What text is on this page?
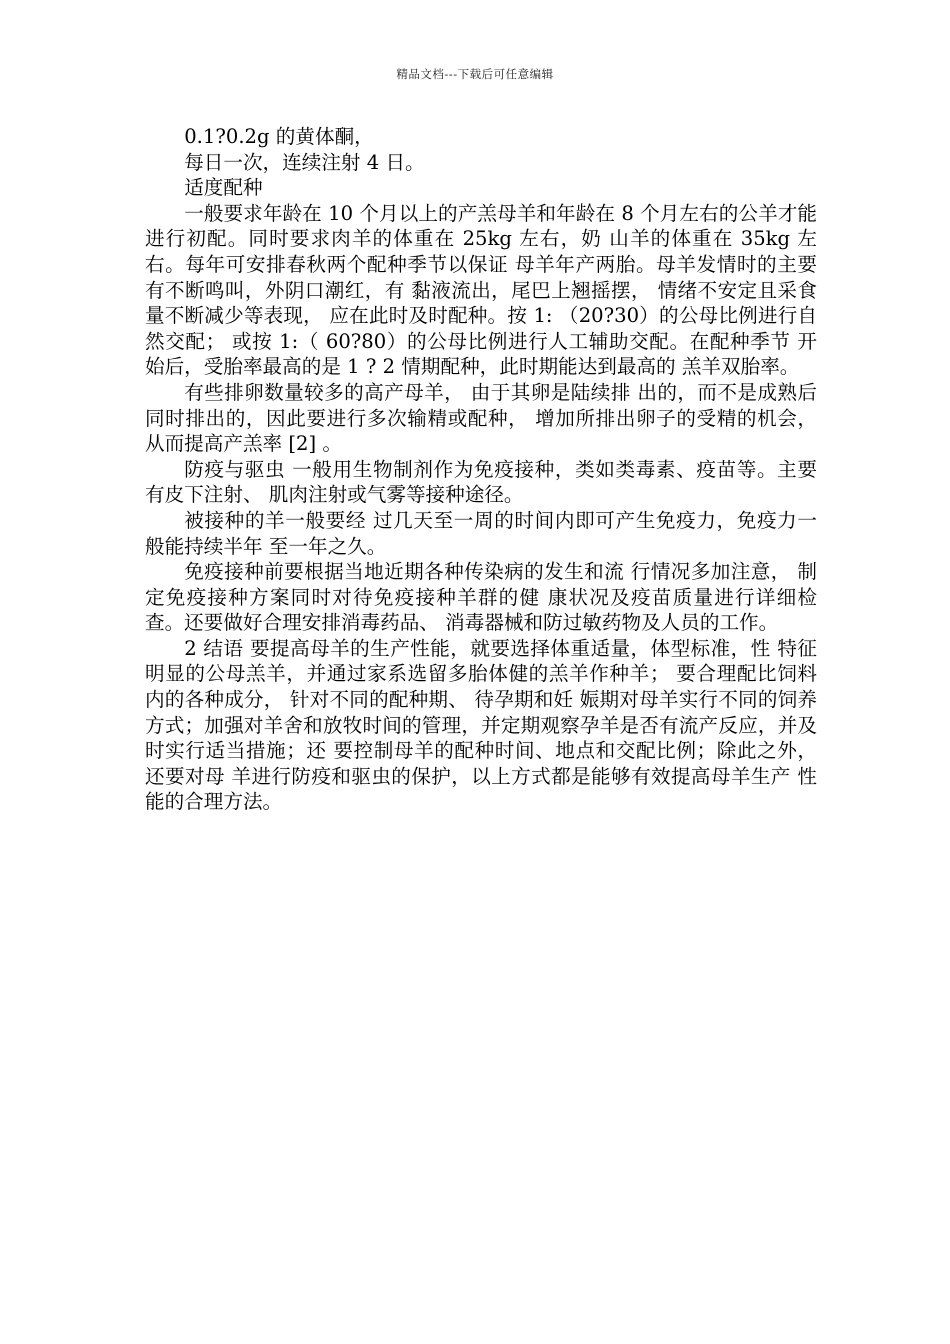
精品文档---下载后可任意编辑

0.1?0.2g 的黄体酮，

每日一次，连续注射 4 日。

适度配种

一般要求年龄在 10 个月以上的产羔母羊和年龄在 8 个月左右的公羊才能进行初配。同时要求肉羊的体重在 25kg 左右，奶 山羊的体重在 35kg 左右。每年可安排春秋两个配种季节以保证 母羊年产两胎。母羊发情时的主要有不断鸣叫，外阴口潮红，有 黏液流出，尾巴上翘摇摆， 情绪不安定且采食量不断减少等表现， 应在此时及时配种。按 1: （20?30）的公母比例进行自然交配； 或按 1:（ 60?80）的公母比例进行人工辅助交配。在配种季节 开始后，受胎率最高的是 1 ? 2 情期配种，此时期能达到最高的 羔羊双胎率。

有些排卵数量较多的高产母羊， 由于其卵是陆续排 出的，而不是成熟后同时排出的，因此要进行多次输精或配种， 增加所排出卵子的受精的机会，从而提高产羔率 [2] 。

防疫与驱虫 一般用生物制剂作为免疫接种，类如类毒素、疫苗等。主要 有皮下注射、 肌肉注射或气雾等接种途径。

被接种的羊一般要经 过几天至一周的时间内即可产生免疫力，免疫力一般能持续半年 至一年之久。

免疫接种前要根据当地近期各种传染病的发生和流 行情况多加注意， 制定免疫接种方案同时对待免疫接种羊群的健 康状况及疫苗质量进行详细检查。还要做好合理安排消毒药品、 消毒器械和防过敏药物及人员的工作。

2 结语 要提高母羊的生产性能，就要选择体重适量，体型标准，性 特征明显的公母羔羊，并通过家系选留多胎体健的羔羊作种羊； 要合理配比饲料内的各种成分， 针对不同的配种期、 待孕期和妊 娠期对母羊实行不同的饲养方式；加强对羊舍和放牧时间的管理，并定期观察孕羊是否有流产反应，并及时实行适当措施；还 要控制母羊的配种时间、地点和交配比例；除此之外，还要对母 羊进行防疫和驱虫的保护，以上方式都是能够有效提高母羊生产 性能的合理方法。
